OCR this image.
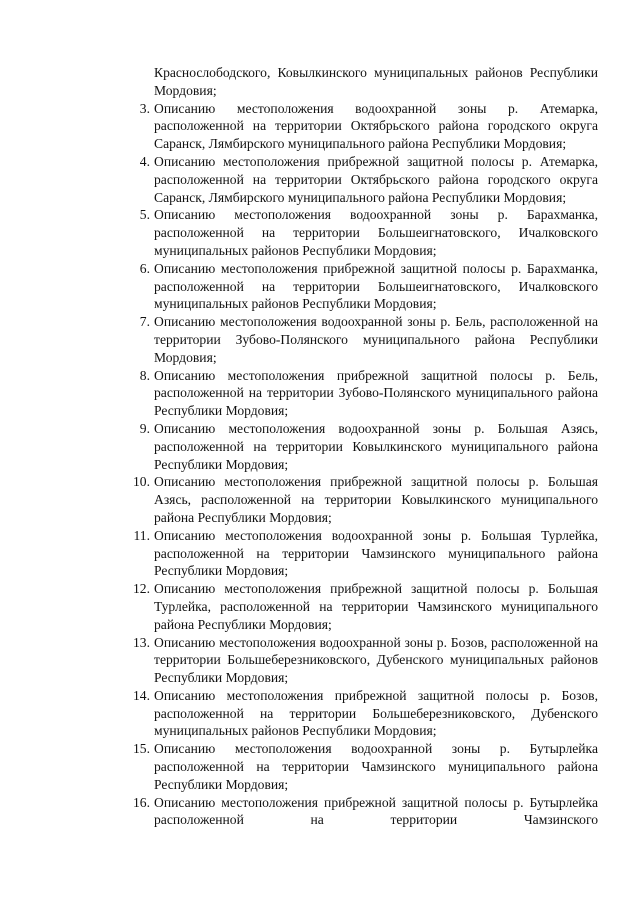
Краснослободского, Ковылкинского муниципальных районов Республики Мордовия;
3. Описанию местоположения водоохранной зоны р. Атемарка, расположенной на территории Октябрьского района городского округа Саранск, Лямбирского муниципального района Республики Мордовия;
4. Описанию местоположения прибрежной защитной полосы р. Атемарка, расположенной на территории Октябрьского района городского округа Саранск, Лямбирского муниципального района Республики Мордовия;
5. Описанию местоположения водоохранной зоны р. Барахманка, расположенной на территории Большеигнатовского, Ичалковского муниципальных районов Республики Мордовия;
6. Описанию местоположения прибрежной защитной полосы р. Барахманка, расположенной на территории Большеигнатовского, Ичалковского муниципальных районов Республики Мордовия;
7. Описанию местоположения водоохранной зоны р. Бель, расположенной на территории Зубово-Полянского муниципального района Республики Мордовия;
8. Описанию местоположения прибрежной защитной полосы р. Бель, расположенной на территории Зубово-Полянского муниципального района Республики Мордовия;
9. Описанию местоположения водоохранной зоны р. Большая Азясь, расположенной на территории Ковылкинского муниципального района Республики Мордовия;
10. Описанию местоположения прибрежной защитной полосы р. Большая Азясь, расположенной на территории Ковылкинского муниципального района Республики Мордовия;
11. Описанию местоположения водоохранной зоны р. Большая Турлейка, расположенной на территории Чамзинского муниципального района Республики Мордовия;
12. Описанию местоположения прибрежной защитной полосы р. Большая Турлейка, расположенной на территории Чамзинского муниципального района Республики Мордовия;
13. Описанию местоположения водоохранной зоны р. Бозов, расположенной на территории Большеберезниковского, Дубенского муниципальных районов Республики Мордовия;
14. Описанию местоположения прибрежной защитной полосы р. Бозов, расположенной на территории Большеберезниковского, Дубенского муниципальных районов Республики Мордовия;
15. Описанию местоположения водоохранной зоны р. Бутырлейка расположенной на территории Чамзинского муниципального района Республики Мордовия;
16. Описанию местоположения прибрежной защитной полосы р. Бутырлейка расположенной на территории Чамзинского
